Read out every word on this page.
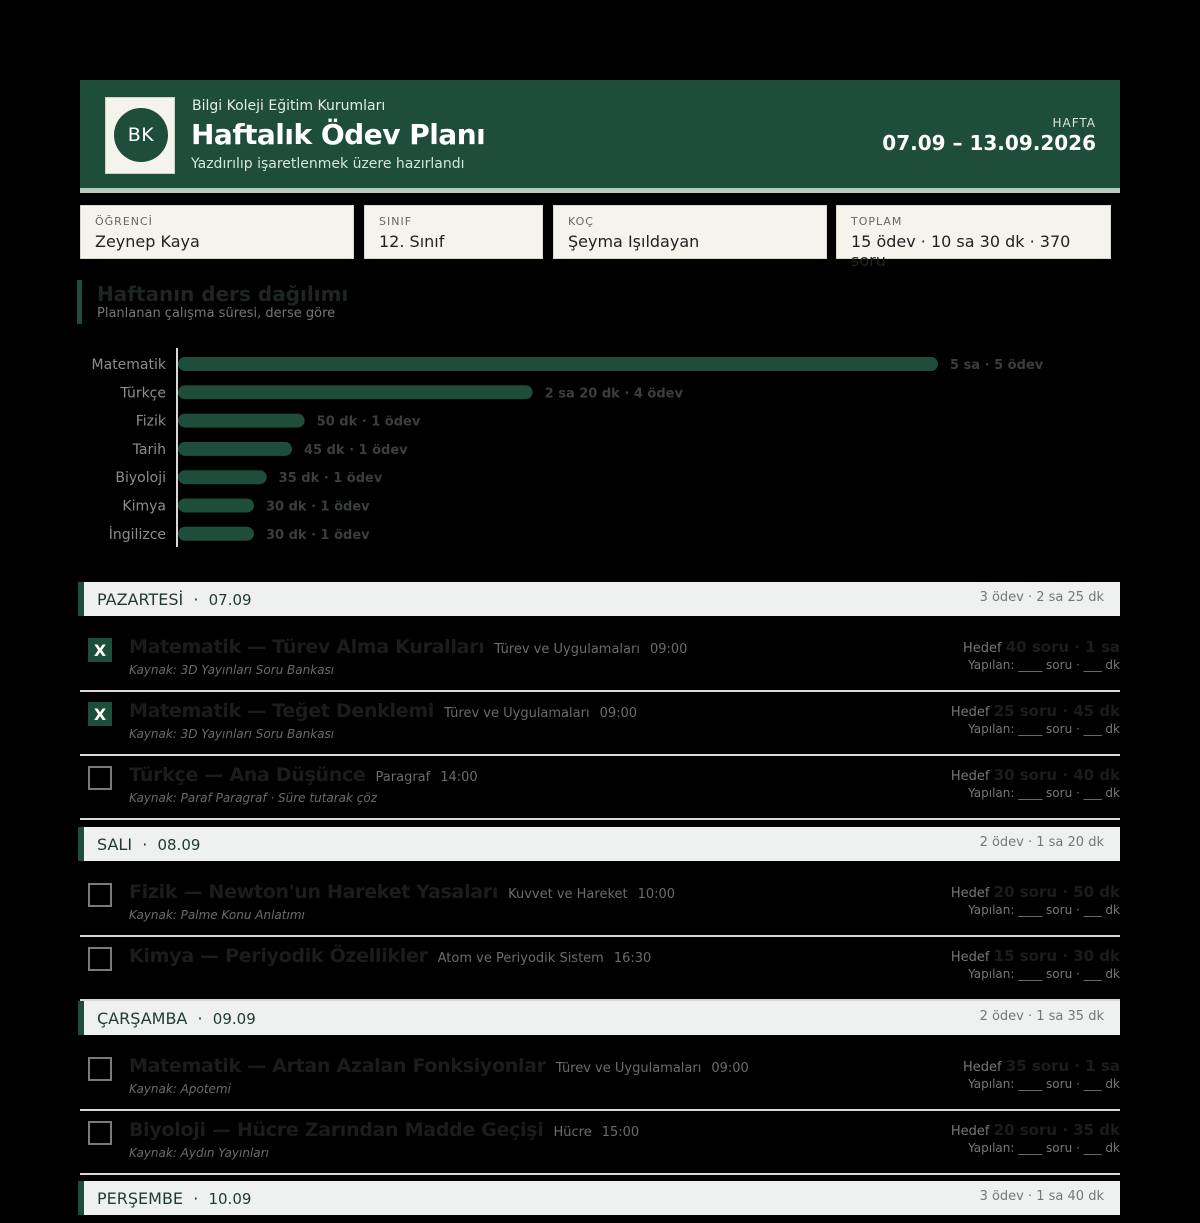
BK
Bilgi Koleji Eğitim Kurumları
Haftalık Ödev Planı
Yazdırılıp işaretlenmek üzere hazırlandı
HAFTA
07.09 – 13.09.2026
ÖĞRENCİ
Zeynep Kaya
SINIF
12. Sınıf
KOÇ
Şeyma Işıldayan
TOPLAM
15 ödev · 10 sa 30 dk · 370 soru
Haftanın ders dağılımı
Planlanan çalışma süresi, derse göre
Matematik	5 sa · 5 ödev
Türkçe	2 sa 20 dk · 4 ödev
Fizik	50 dk · 1 ödev
Tarih	45 dk · 1 ödev
Biyoloji	35 dk · 1 ödev
Kimya	30 dk · 1 ödev
İngilizce	30 dk · 1 ödev
PAZARTESİ  ·  07.09	3 ödev · 2 sa 25 dk
X	Matematik — Türev Alma Kuralları Türev ve Uygulamaları 09:00
Kaynak: 3D Yayınları Soru Bankası
Hedef 40 soru · 1 sa
Yapılan: ____ soru · ___ dk
X	Matematik — Teğet Denklemi Türev ve Uygulamaları 09:00
Kaynak: 3D Yayınları Soru Bankası
Hedef 25 soru · 45 dk
Yapılan: ____ soru · ___ dk
Türkçe — Ana Düşünce Paragraf 14:00
Kaynak: Paraf Paragraf · Süre tutarak çöz
Hedef 30 soru · 40 dk
Yapılan: ____ soru · ___ dk
SALI  ·  08.09	2 ödev · 1 sa 20 dk
Fizik — Newton'un Hareket Yasaları Kuvvet ve Hareket 10:00
Kaynak: Palme Konu Anlatımı
Hedef 20 soru · 50 dk
Yapılan: ____ soru · ___ dk
Kimya — Periyodik Özellikler Atom ve Periyodik Sistem 16:30	Hedef 15 soru · 30 dk
Yapılan: ____ soru · ___ dk
ÇARŞAMBA  ·  09.09	2 ödev · 1 sa 35 dk
Matematik — Artan Azalan Fonksiyonlar Türev ve Uygulamaları 09:00
Kaynak: Apotemi
Hedef 35 soru · 1 sa
Yapılan: ____ soru · ___ dk
Biyoloji — Hücre Zarından Madde Geçişi Hücre 15:00
Kaynak: Aydın Yayınları
Hedef 20 soru · 35 dk
Yapılan: ____ soru · ___ dk
PERŞEMBE  ·  10.09	3 ödev · 1 sa 40 dk
